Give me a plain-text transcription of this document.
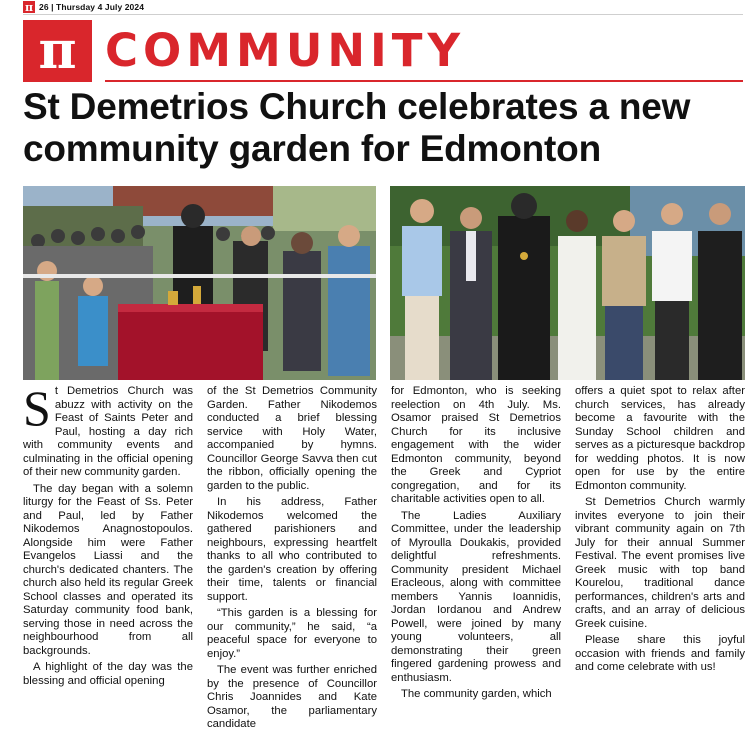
π 26 | Thursday 4 July 2024
π COMMUNITY
St Demetrios Church celebrates a new community garden for Edmonton

St Demetrios Church was abuzz with activity on the Feast of Saints Peter and Paul, hosting a day rich with community events and culminating in the official opening of their new community garden.

The day began with a solemn liturgy for the Feast of Ss. Peter and Paul, led by Father Nikodemos Anagnostopoulos. Alongside him were Father Evangelos Liassi and the church's dedicated chanters. The church also held its regular Greek School classes and operated its Saturday community food bank, serving those in need across the neighbourhood from all backgrounds.

A highlight of the day was the blessing and official opening

of the St Demetrios Community Garden. Father Nikodemos conducted a brief blessing service with Holy Water, accompanied by hymns. Councillor George Savva then cut the ribbon, officially opening the garden to the public.

In his address, Father Nikodemos welcomed the gathered parishioners and neighbours, expressing heartfelt thanks to all who contributed to the garden's creation by offering their time, talents or financial support.

“This garden is a blessing for our community,” he said, “a peaceful space for everyone to enjoy.”

The event was further enriched by the presence of Councillor Chris Joannides and Kate Osamor, the parliamentary candidate

for Edmonton, who is seeking reelection on 4th July. Ms. Osamor praised St Demetrios Church for its inclusive engagement with the wider Edmonton community, beyond the Greek and Cypriot congregation, and for its charitable activities open to all.

The Ladies Auxiliary Committee, under the leadership of Myroulla Doukakis, provided delightful refreshments. Community president Michael Eracleous, along with committee members Yannis Ioannidis, Jordan Iordanou and Andrew Powell, were joined by many young volunteers, all demonstrating their green fingered gardening prowess and enthusiasm.

The community garden, which

offers a quiet spot to relax after church services, has already become a favourite with the Sunday School children and serves as a picturesque backdrop for wedding photos. It is now open for use by the entire Edmonton community.

St Demetrios Church warmly invites everyone to join their vibrant community again on 7th July for their annual Summer Festival. The event promises live Greek music with top band Kourelou, traditional dance performances, children's arts and crafts, and an array of delicious Greek cuisine.

Please share this joyful occasion with friends and family and come celebrate with us!
